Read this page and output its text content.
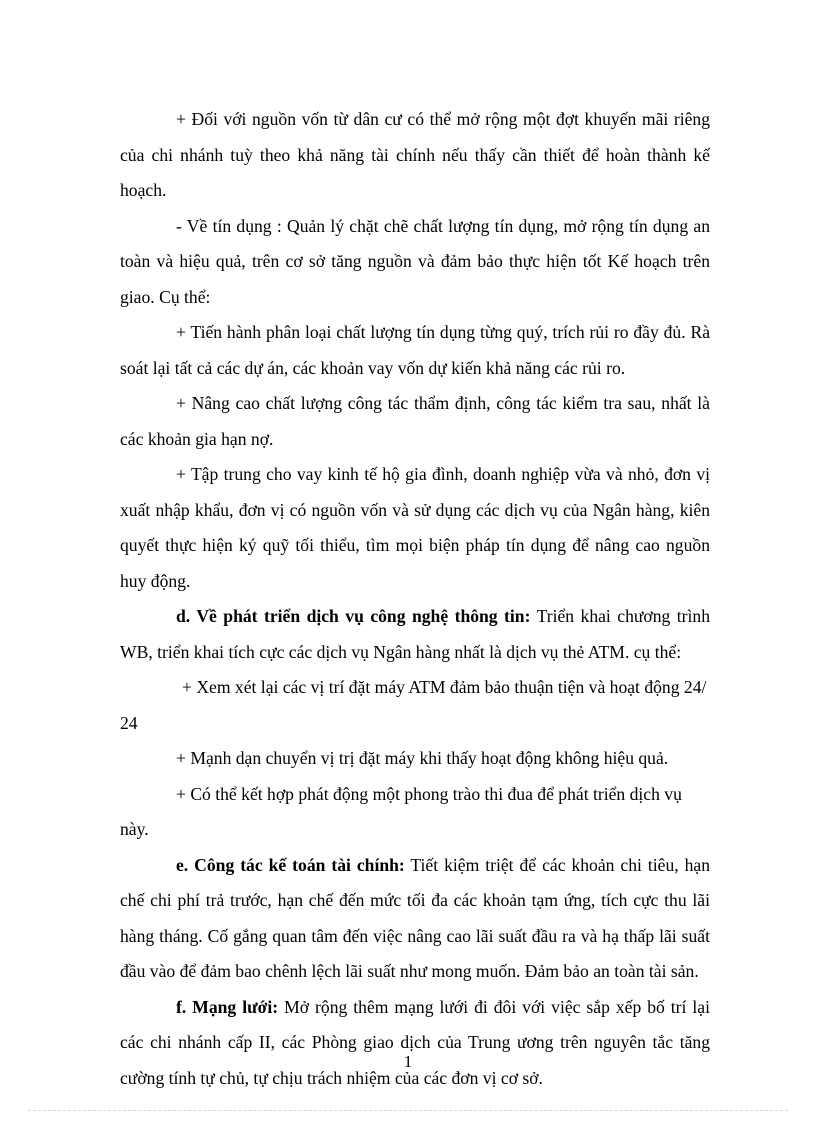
+ Đối với nguồn vốn từ dân cư có thể mở rộng một đợt khuyến mãi riêng của chi nhánh tuỳ theo khả năng tài chính nếu thấy cần thiết để hoàn thành kế hoạch.

- Về tín dụng : Quản lý chặt chẽ chất lượng tín dụng, mở rộng tín dụng an toàn và hiệu quả, trên cơ sở tăng nguồn và đảm bảo thực hiện tốt Kế hoạch trên giao. Cụ thể:

+ Tiến hành phân loại chất lượng tín dụng từng quý, trích rủi ro đầy đủ. Rà soát lại tất cả các dự án, các khoản vay vốn dự kiến khả năng các rủi ro.

+ Nâng cao chất lượng công tác thẩm định, công tác kiểm tra sau, nhất là các khoản gia hạn nợ.

+ Tập trung cho vay kinh tế hộ gia đình, doanh nghiệp vừa và nhỏ, đơn vị xuất nhập khẩu, đơn vị có nguồn vốn và sử dụng các dịch vụ của Ngân hàng, kiên quyết thực hiện ký quỹ tối thiểu, tìm mọi biện pháp tín dụng để nâng cao nguồn huy động.

d. Về phát triển dịch vụ công nghệ thông tin: Triển khai chương trình WB, triển khai tích cực các dịch vụ Ngân hàng nhất là dịch vụ thẻ ATM. cụ thể:

+ Xem xét lại các vị trí đặt máy ATM đảm bảo thuận tiện và hoạt động 24/ 24

+ Mạnh dạn chuyển vị trị đặt máy khi thấy hoạt động không hiệu quả.

+ Có thể kết hợp phát động một phong trào thi đua để phát triển dịch vụ này.

e. Công tác kế toán tài chính: Tiết kiệm triệt để các khoản chi tiêu, hạn chế chi phí trả trước, hạn chế đến mức tối đa các khoản tạm ứng, tích cực thu lãi hàng tháng. Cố gắng quan tâm đến việc nâng cao lãi suất đầu ra và hạ thấp lãi suất đầu vào để đảm bao chênh lệch lãi suất như mong muốn. Đảm bảo an toàn tài sản.

f. Mạng lưới: Mở rộng thêm mạng lưới đi đôi với việc sắp xếp bố trí lại các chi nhánh cấp II, các Phòng giao dịch của Trung ương trên nguyên tắc tăng cường tính tự chủ, tự chịu trách nhiệm của các đơn vị cơ sở.

1
